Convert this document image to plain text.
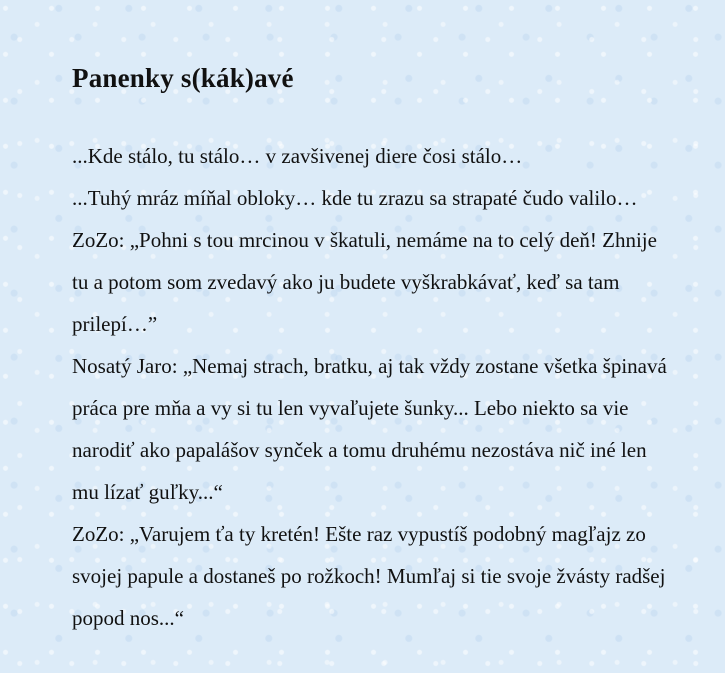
Panenky s(kák)avé

...Kde stálo, tu stálo… v zavšivenej diere čosi stálo…

...Tuhý mráz míňal obloky… kde tu zrazu sa strapaté čudo valilo…

ZoZo: „Pohni s tou mrcinou v škatuli, nemáme na to celý deň! Zhnije tu a potom som zvedavý ako ju budete vyškrabkávať, keď sa tam prilepí…”

Nosatý Jaro: „Nemaj strach, bratku, aj tak vždy zostane všetka špinavá práca pre mňa a vy si tu len vyvaľujete šunky... Lebo niekto sa vie narodiť ako papalášov synček a tomu druhému nezostáva nič iné len mu lízať guľky...“

ZoZo: „Varujem ťa ty kretén! Ešte raz vypustíš podobný magľajz zo svojej papule a dostaneš po rožkoch! Mumľaj si tie svoje žvásty radšej popod nos...“
